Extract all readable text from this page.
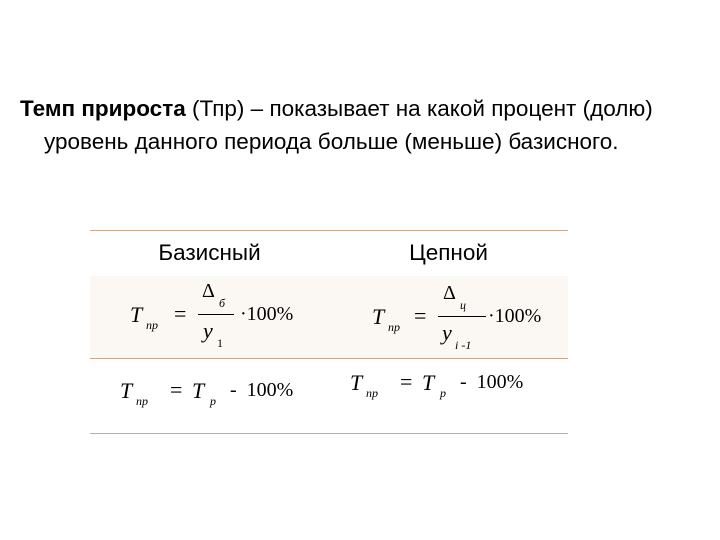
Темп прироста (Тпр) – показывает на какой процент (долю) уровень данного периода больше (меньше) базисного.
Базисный	Цепной
T пр =
Δ
б
y 1
·100%	T пр =
Δ
ц
y i -1
·100%
T пр = T р -  100%	T пр = T р -  100%
